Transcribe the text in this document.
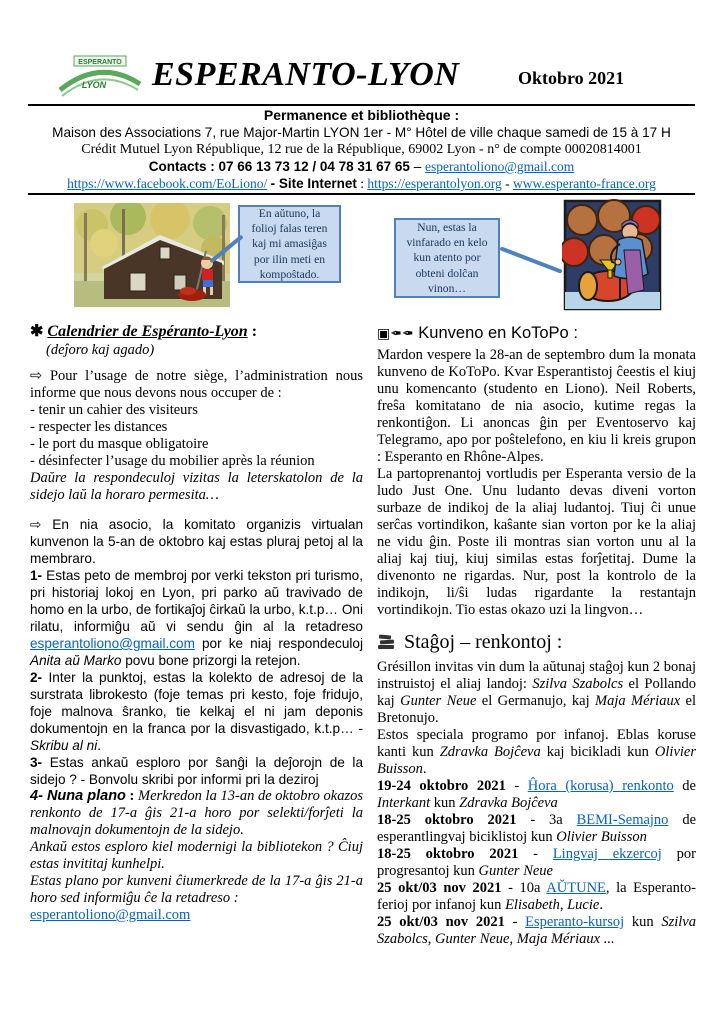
ESPERANTO
LYON ESPERANTO-LYON	Oktobro 2021
Permanence et bibliothèque :
Maison des Associations 7, rue Major-Martin LYON 1er - M° Hôtel de ville chaque samedi de 15 à 17 H
Crédit Mutuel Lyon République, 12 rue de la République, 69002 Lyon - n° de compte 00020814001
Contacts : 07 66 13 73 12 / 04 78 31 67 65 – esperantoliono@gmail.com
https://www.facebook.com/EoLiono/ - Site Internet : https://esperantolyon.org - www.esperanto-france.org
En aŭtuno, la folioj falas teren kaj mi amasiĝas por ilin meti en kompoŝtado.
Nun, estas la vinfarado en kelo kun atento por obteni dolĉan vinon…
✱ Calendrier de Espéranto-Lyon :
(deĵoro kaj agado)

⇨ Pour l’usage de notre siège, l’administration nous informe que nous devons nous occuper de :

- tenir un cahier des visiteurs
- respecter les distances
- le port du masque obligatoire
- désinfecter l’usage du mobilier après la réunion

Daŭre la respondeculoj vizitas la leterskatolon de la sidejo laŭ la horaro permesita…

⇨ En nia asocio, la komitato organizis virtualan kunvenon la 5-an de oktobro kaj estas pluraj petoj al la membraro.

1- Estas peto de membroj por verki tekston pri turismo, pri historiaj lokoj en Lyon, pri parko aŭ travivado de homo en la urbo, de fortikaĵoj ĉirkaŭ la urbo, k.t.p… Oni rilatu, informiĝu aŭ vi sendu ĝin al la retadreso esperantoliono@gmail.com por ke niaj respondeculoj Anita aŭ Marko povu bone prizorgi la retejon.

2- Inter la punktoj, estas la kolekto de adresoj de la surstrata librokesto (foje temas pri kesto, foje fridujo, foje malnova ŝranko, tie kelkaj el ni jam deponis dokumentojn en la franca por la disvastigado, k.t.p… - Skribu al ni.

3- Estas ankaŭ esploro por ŝanĝi la deĵorojn de la sidejo ? - Bonvolu skribi por informi pri la deziroj

4- Nuna plano : Merkredon la 13-an de oktobro okazos renkonto de 17-a ĝis 21-a horo por selekti/forĵeti la malnovajn dokumentojn de la sidejo.

Ankaŭ estos esploro kiel modernigi la bibliotekon ? Ĉiuj estas invititaj kunhelpi.

Estas plano por kunveni ĉiumerkrede de la 17-a ĝis 21-a horo sed informiĝu ĉe la retadreso :

esperantoliono@gmail.com
▣✒✒ Kunveno en KoToPo :

Mardon vespere la 28-an de septembro dum la monata kunveno de KoToPo. Kvar Esperantistoj ĉeestis el kiuj unu komencanto (studento en Liono). Neil Roberts, freŝa komitatano de nia asocio, kutime regas la renkontiĝon. Li anoncas ĝin per Eventoservo kaj Telegramo, apo por poŝtelefono, en kiu li kreis grupon : Esperanto en Rhône-Alpes.

La partoprenantoj vortludis per Esperanta versio de la ludo Just One. Unu ludanto devas diveni vorton surbaze de indikoj de la aliaj ludantoj. Tiuj ĉi unue serĉas vortindikon, kaŝante sian vorton por ke la aliaj ne vidu ĝin. Poste ili montras sian vorton unu al la aliaj kaj tiuj, kiuj similas estas forĵetitaj. Dume la divenonto ne rigardas. Nur, post la kontrolo de la indikojn, li/ŝi ludas rigardante la restantajn vortindikojn. Tio estas okazo uzi la lingvon…

Staĝoj – renkontoj :

Grésillon invitas vin dum la aŭtunaj staĝoj kun 2 bonaj instruistoj el aliaj landoj: Szilva Szabolcs el Pollando kaj Gunter Neue el Germanujo, kaj Maja Mériaux el Bretonujo.

Estos speciala programo por infanoj. Eblas koruse kanti kun Zdravka Bojĉeva kaj bicikladi kun Olivier Buisson.

19-24 oktobro 2021 - Ĥora (korusa) renkonto de Interkant kun Zdravka Bojĉeva

18-25 oktobro 2021 - 3a BEMI-Semajno de esperantlingvaj biciklistoj kun Olivier Buisson

18-25 oktobro 2021 - Lingvaj ekzercoj por progresantoj kun Gunter Neue

25 okt/03 nov 2021 - 10a AŬTUNE, la Esperanto-ferioj por infanoj kun Elisabeth, Lucie.

25 okt/03 nov 2021 - Esperanto-kursoj kun Szilva Szabolcs, Gunter Neue, Maja Mériaux ...
